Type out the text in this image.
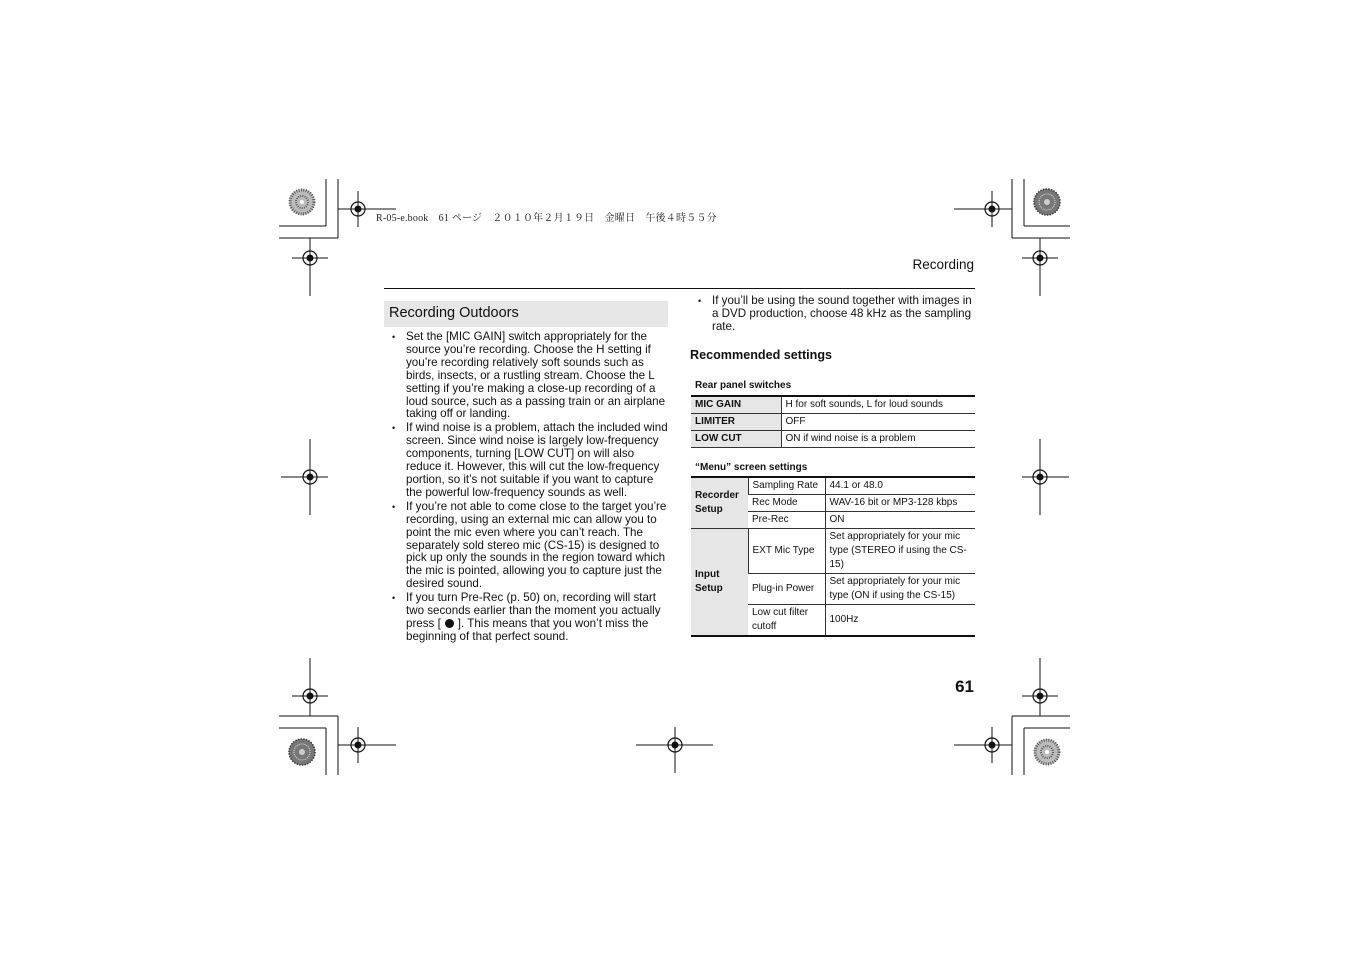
R-05-e.book　61 ページ　２０１０年２月１９日　金曜日　午後４時５５分
Recording
Recording Outdoors
• Set the [MIC GAIN] switch appropriately for the source you’re recording. Choose the H setting if you’re recording relatively soft sounds such as birds, insects, or a rustling stream. Choose the L setting if you’re making a close-up recording of a loud source, such as a passing train or an airplane taking off or landing.
• If wind noise is a problem, attach the included wind screen. Since wind noise is largely low-frequency components, turning [LOW CUT] on will also reduce it. However, this will cut the low-frequency portion, so it’s not suitable if you want to capture the powerful low-frequency sounds as well.
• If you’re not able to come close to the target you’re recording, using an external mic can allow you to point the mic even where you can’t reach. The separately sold stereo mic (CS-15) is designed to pick up only the sounds in the region toward which the mic is pointed, allowing you to capture just the desired sound.
• If you turn Pre-Rec (p. 50) on, recording will start two seconds earlier than the moment you actually press [ ]. This means that you won’t miss the beginning of that perfect sound.
• If you’ll be using the sound together with images in a DVD production, choose 48 kHz as the sampling rate.
Recommended settings
Rear panel switches
MIC GAIN	H for soft sounds, L for loud sounds
LIMITER	OFF
LOW CUT	ON if wind noise is a problem
“Menu” screen settings
Recorder Setup	Sampling Rate	44.1 or 48.0
	Rec Mode	WAV-16 bit or MP3-128 kbps
	Pre-Rec	ON
Input Setup	EXT Mic Type	Set appropriately for your mic type (STEREO if using the CS-15)
	Plug-in Power	Set appropriately for your mic type (ON if using the CS-15)
	Low cut filter cutoff	100Hz
61
